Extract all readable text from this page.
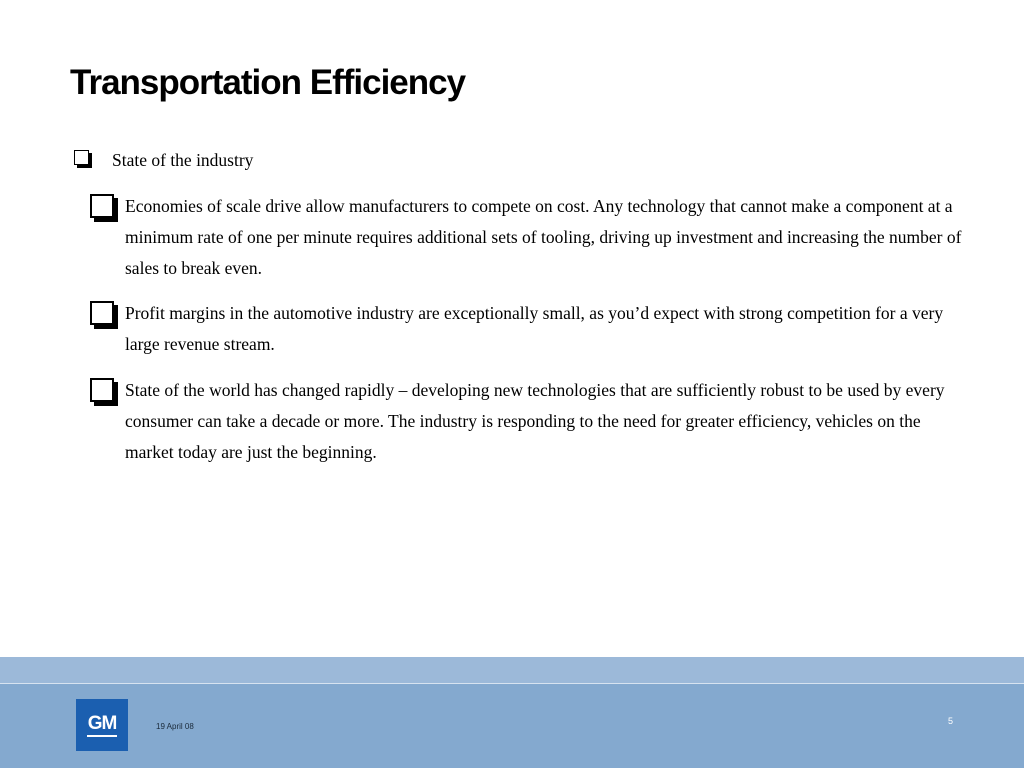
Transportation Efficiency
State of the industry
Economies of scale drive allow manufacturers to compete on cost. Any technology that cannot make a component at a minimum rate of one per minute requires additional sets of tooling, driving up investment and increasing the number of sales to break even.
Profit margins in the automotive industry are exceptionally small, as you’d expect with strong competition for a very large revenue stream.
State of the world has changed rapidly – developing new technologies that are sufficiently robust to be used by every consumer can take a decade or more. The industry is responding to the need for greater efficiency, vehicles on the market today are just the beginning.
GM	19 April 08
5
